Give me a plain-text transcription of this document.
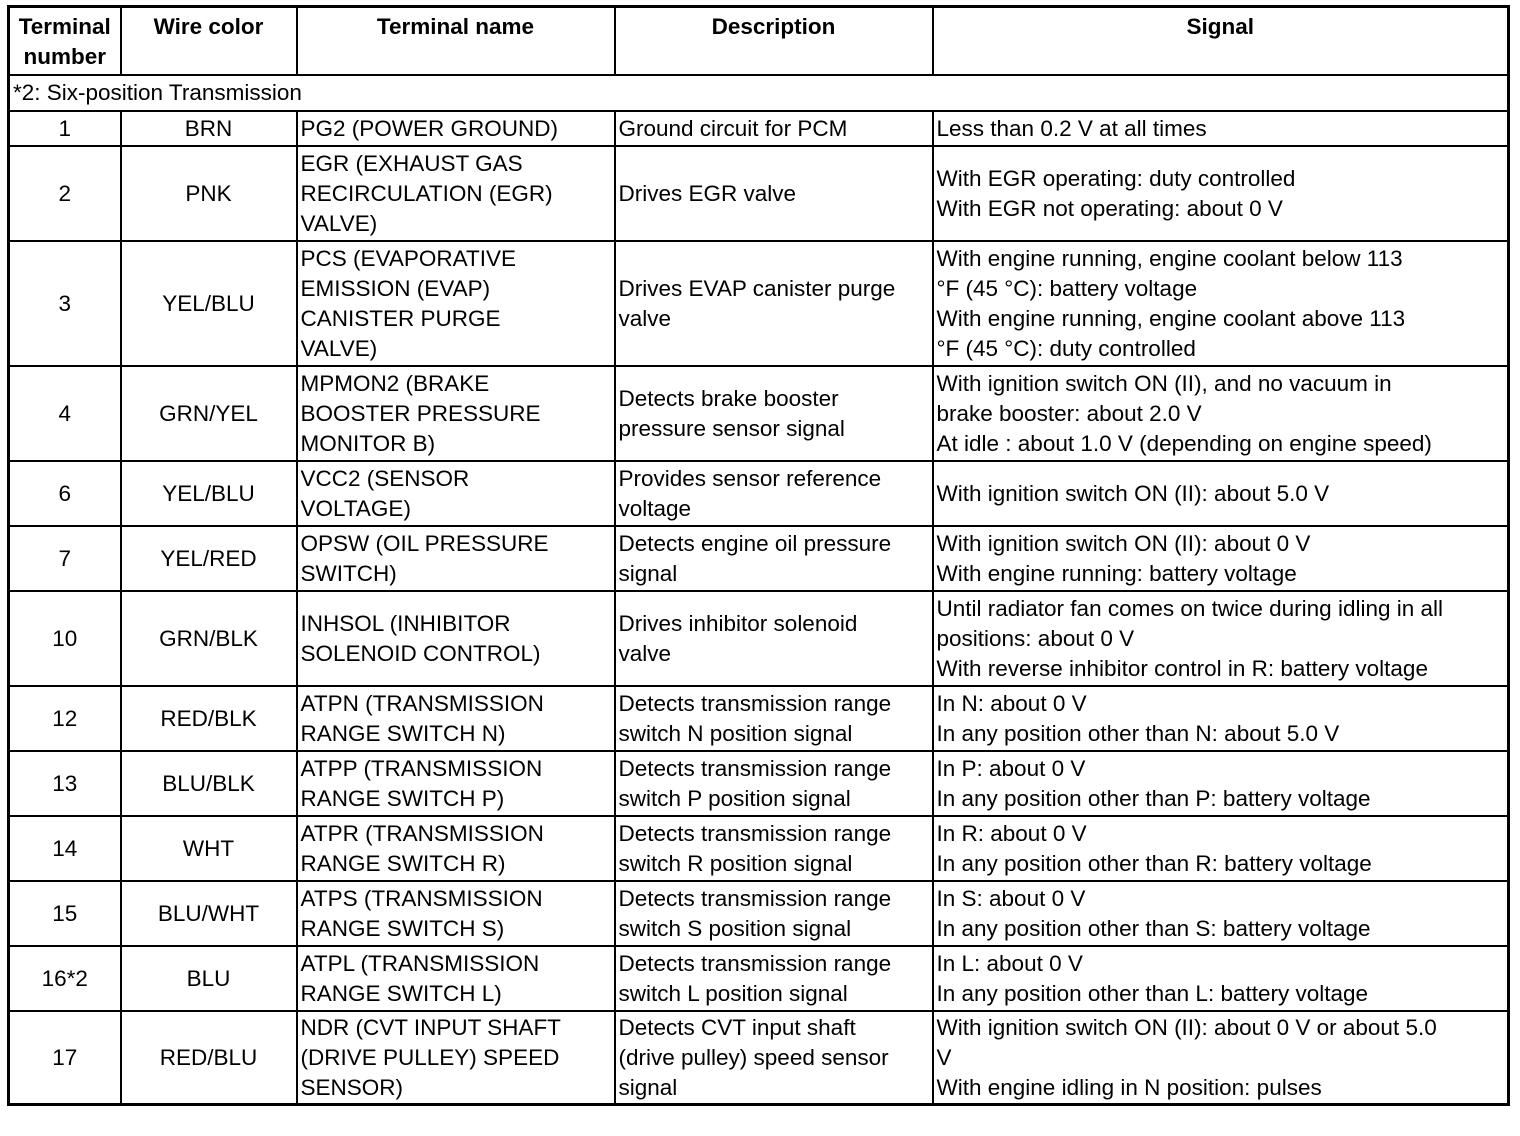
Terminal
number	Wire color	Terminal name	Description	Signal
*2: Six-position Transmission				
1	BRN	PG2 (POWER GROUND)	Ground circuit for PCM	Less than 0.2 V at all times

2	PNK	EGR (EXHAUST GAS
RECIRCULATION (EGR)
VALVE)	Drives EGR valve	With EGR operating: duty controlled
With EGR not operating: about 0 V

3	YEL/BLU	PCS (EVAPORATIVE
EMISSION (EVAP)
CANISTER PURGE
VALVE)	Drives EVAP canister purge
valve	With engine running, engine coolant below 113
°F (45 °C): battery voltage
With engine running, engine coolant above 113
°F (45 °C): duty controlled

4	GRN/YEL	MPMON2 (BRAKE
BOOSTER PRESSURE
MONITOR B)	Detects brake booster
pressure sensor signal	With ignition switch ON (II), and no vacuum in
brake booster: about 2.0 V
At idle : about 1.0 V (depending on engine speed)

6	YEL/BLU	VCC2 (SENSOR
VOLTAGE)	Provides sensor reference
voltage	With ignition switch ON (II): about 5.0 V

7	YEL/RED	OPSW (OIL PRESSURE
SWITCH)	Detects engine oil pressure
signal	With ignition switch ON (II): about 0 V
With engine running: battery voltage

10	GRN/BLK	INHSOL (INHIBITOR
SOLENOID CONTROL)	Drives inhibitor solenoid
valve	Until radiator fan comes on twice during idling in all
positions: about 0 V
With reverse inhibitor control in R: battery voltage

12	RED/BLK	ATPN (TRANSMISSION
RANGE SWITCH N)	Detects transmission range
switch N position signal	In N: about 0 V
In any position other than N: about 5.0 V

13	BLU/BLK	ATPP (TRANSMISSION
RANGE SWITCH P)	Detects transmission range
switch P position signal	In P: about 0 V
In any position other than P: battery voltage

14	WHT	ATPR (TRANSMISSION
RANGE SWITCH R)	Detects transmission range
switch R position signal	In R: about 0 V
In any position other than R: battery voltage

15	BLU/WHT	ATPS (TRANSMISSION
RANGE SWITCH S)	Detects transmission range
switch S position signal	In S: about 0 V
In any position other than S: battery voltage

16*2	BLU	ATPL (TRANSMISSION
RANGE SWITCH L)	Detects transmission range
switch L position signal	In L: about 0 V
In any position other than L: battery voltage

17	RED/BLU	NDR (CVT INPUT SHAFT
(DRIVE PULLEY) SPEED
SENSOR)	Detects CVT input shaft
(drive pulley) speed sensor
signal	With ignition switch ON (II): about 0 V or about 5.0
V
With engine idling in N position: pulses
